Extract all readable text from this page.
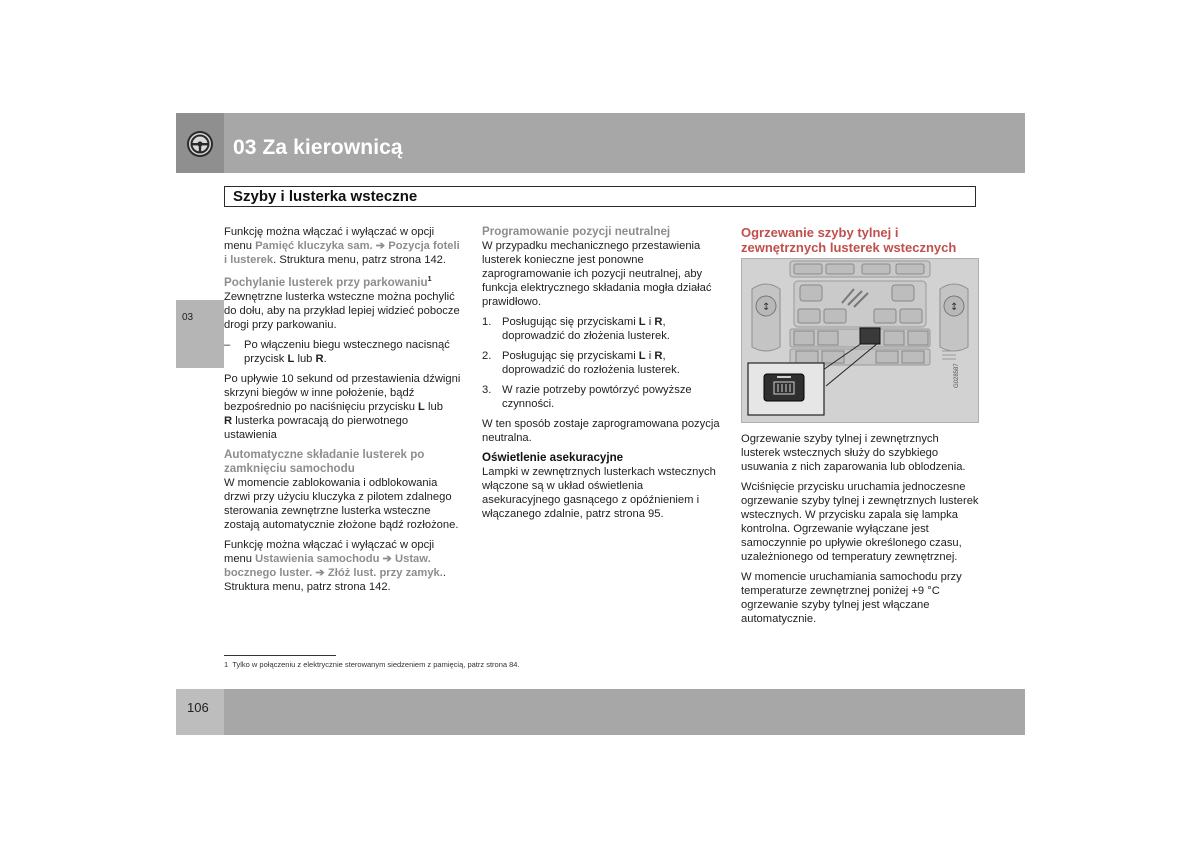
03 Za kierownicą
Szyby i lusterka wsteczne
03

Funkcję można włączać i wyłączać w opcji menu Pamięć kluczyka sam. ➔ Pozycja foteli i lusterek. Struktura menu, patrz strona 142.

Pochylanie lusterek przy parkowaniu$^1$

Zewnętrzne lusterka wsteczne można pochylić do dołu, aby na przykład lepiej widzieć pobocze drogi przy parkowaniu.

–	Po włączeniu biegu wstecznego nacisnąć przycisk L lub R.

Po upływie 10 sekund od przestawienia dźwigni skrzyni biegów w inne położenie, bądź bezpośrednio po naciśnięciu przycisku L lub
R lusterka powracają do pierwotnego ustawienia

Automatyczne składanie lusterek po zamknięciu samochodu

W momencie zablokowania i odblokowania drzwi przy użyciu kluczyka z pilotem zdalnego sterowania zewnętrzne lusterka wsteczne zostają automatycznie złożone bądź rozłożone.

Funkcję można włączać i wyłączać w opcji menu Ustawienia samochodu ➔ Ustaw. bocznego luster. ➔ Złóż lust. przy zamyk.. Struktura menu, patrz strona 142.

Programowanie pozycji neutralnej

W przypadku mechanicznego przestawienia lusterek konieczne jest ponowne zaprogramowanie ich pozycji neutralnej, aby funkcja elektrycznego składania mogła działać prawidłowo.

1. Posługując się przyciskami L i R, doprowadzić do złożenia lusterek.
2. Posługując się przyciskami L i R, doprowadzić do rozłożenia lusterek.
3. W razie potrzeby powtórzyć powyższe czynności.

W ten sposób zostaje zaprogramowana pozycja neutralna.

Oświetlenie asekuracyjne

Lampki w zewnętrznych lusterkach wstecznych włączone są w układ oświetlenia asekuracyjnego gasnącego z opóźnieniem i włączanego zdalnie, patrz strona 95.

Ogrzewanie szyby tylnej i zewnętrznych lusterek wstecznych

Ogrzewanie szyby tylnej i zewnętrznych lusterek wstecznych służy do szybkiego usuwania z nich zaparowania lub oblodzenia.

Wciśnięcie przycisku uruchamia jednoczesne ogrzewanie szyby tylnej i zewnętrznych lusterek wstecznych. W przycisku zapala się lampka kontrolna. Ogrzewanie wyłączane jest samoczynnie po upływie określonego czasu, uzależnionego od temperatury zewnętrznej.

W momencie uruchamiania samochodu przy temperaturze zewnętrznej poniżej +9 °C ogrzewanie szyby tylnej jest włączane automatycznie.

↕	↕
G028587
1 Tylko w połączeniu z elektrycznie sterowanym siedzeniem z pamięcią, patrz strona 84.
106
